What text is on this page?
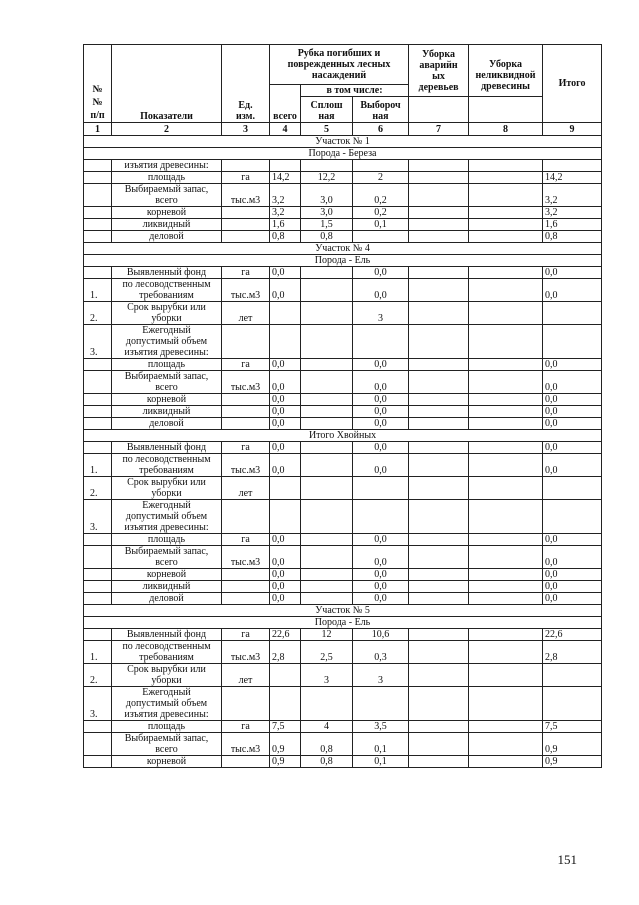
№
№
п/п	Показатели	Ед.
изм.	Рубка погибших и поврежденных лесных насаждений			Уборка
аварийн
ых
деревьев	Уборка
неликвидной
древесины	Итого
			всего	в том числе:				
				Сплош
ная	Выбороч
ная			
1	2	3	4	5	6	7	8	9
Участок № 1								
Порода - Береза								
	изъятия древесины:							
	площадь	га	14,2	12,2	2			14,2
	Выбираемый запас,
всего	тыс.м3	3,2	3,0	0,2			3,2
	корневой		3,2	3,0	0,2			3,2
	ликвидный		1,6	1,5	0,1			1,6
	деловой		0,8	0,8				0,8
Участок № 4								
Порода - Ель								
	Выявленный фонд	га	0,0		0,0			0,0
1.	по лесоводственным
требованиям	тыс.м3	0,0		0,0			0,0
2.	Срок вырубки или
уборки	лет			3			
3.	Ежегодный
допустимый объем
изъятия древесины:							
	площадь	га	0,0		0,0			0,0
	Выбираемый запас,
всего	тыс.м3	0,0		0,0			0,0
	корневой		0,0		0,0			0,0
	ликвидный		0,0		0,0			0,0
	деловой		0,0		0,0			0,0
Итого Хвойных								
	Выявленный фонд	га	0,0		0,0			0,0
1.	по лесоводственным
требованиям	тыс.м3	0,0		0,0			0,0
2.	Срок вырубки или
уборки	лет						
3.	Ежегодный
допустимый объем
изъятия древесины:							
	площадь	га	0,0		0,0			0,0
	Выбираемый запас,
всего	тыс.м3	0,0		0,0			0,0
	корневой		0,0		0,0			0,0
	ликвидный		0,0		0,0			0,0
	деловой		0,0		0,0			0,0
Участок № 5								
Порода - Ель								
	Выявленный фонд	га	22,6	12	10,6			22,6
1.	по лесоводственным
требованиям	тыс.м3	2,8	2,5	0,3			2,8
2.	Срок вырубки или
уборки	лет		3	3			
3.	Ежегодный
допустимый объем
изъятия древесины:							
	площадь	га	7,5	4	3,5			7,5
	Выбираемый запас,
всего	тыс.м3	0,9	0,8	0,1			0,9
	корневой		0,9	0,8	0,1			0,9
151
